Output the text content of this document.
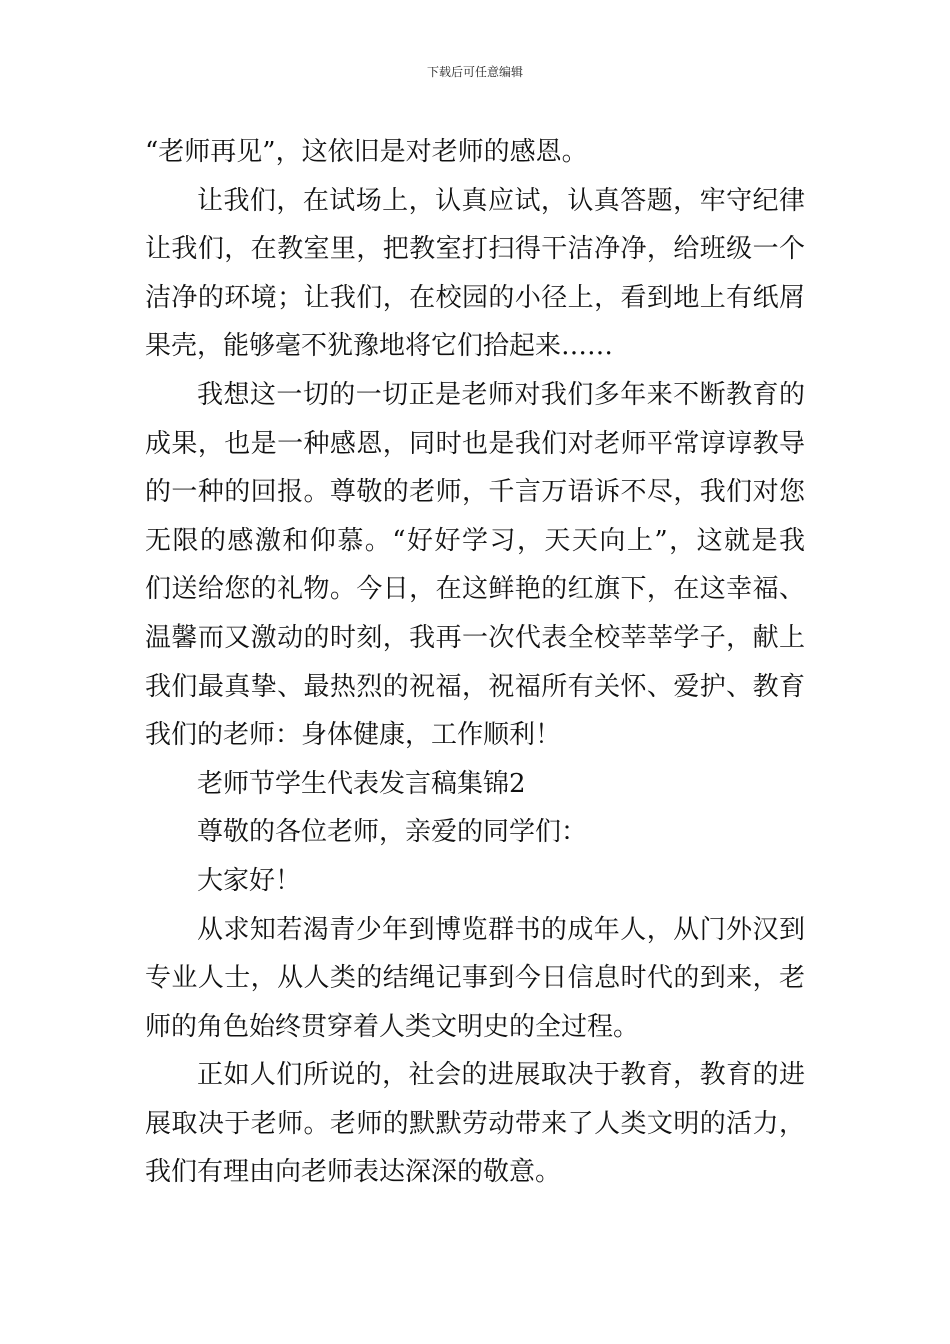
下载后可任意编辑
“老师再见”，这依旧是对老师的感恩。
让我们，在试场上，认真应试，认真答题，牢守纪律
让我们，在教室里，把教室打扫得干洁净净，给班级一个
洁净的环境；让我们，在校园的小径上，看到地上有纸屑
果壳，能够毫不犹豫地将它们拾起来……
我想这一切的一切正是老师对我们多年来不断教育的
成果，也是一种感恩，同时也是我们对老师平常谆谆教导
的一种的回报。尊敬的老师，千言万语诉不尽，我们对您
无限的感激和仰慕。“好好学习，天天向上”，这就是我
们送给您的礼物。今日，在这鲜艳的红旗下，在这幸福、
温馨而又激动的时刻，我再一次代表全校莘莘学子，献上
我们最真挚、最热烈的祝福，祝福所有关怀、爱护、教育
我们的老师：身体健康，工作顺利！
老师节学生代表发言稿集锦2
尊敬的各位老师，亲爱的同学们：
大家好！
从求知若渴青少年到博览群书的成年人，从门外汉到
专业人士，从人类的结绳记事到今日信息时代的到来，老
师的角色始终贯穿着人类文明史的全过程。
正如人们所说的，社会的进展取决于教育，教育的进
展取决于老师。老师的默默劳动带来了人类文明的活力，
我们有理由向老师表达深深的敬意。
